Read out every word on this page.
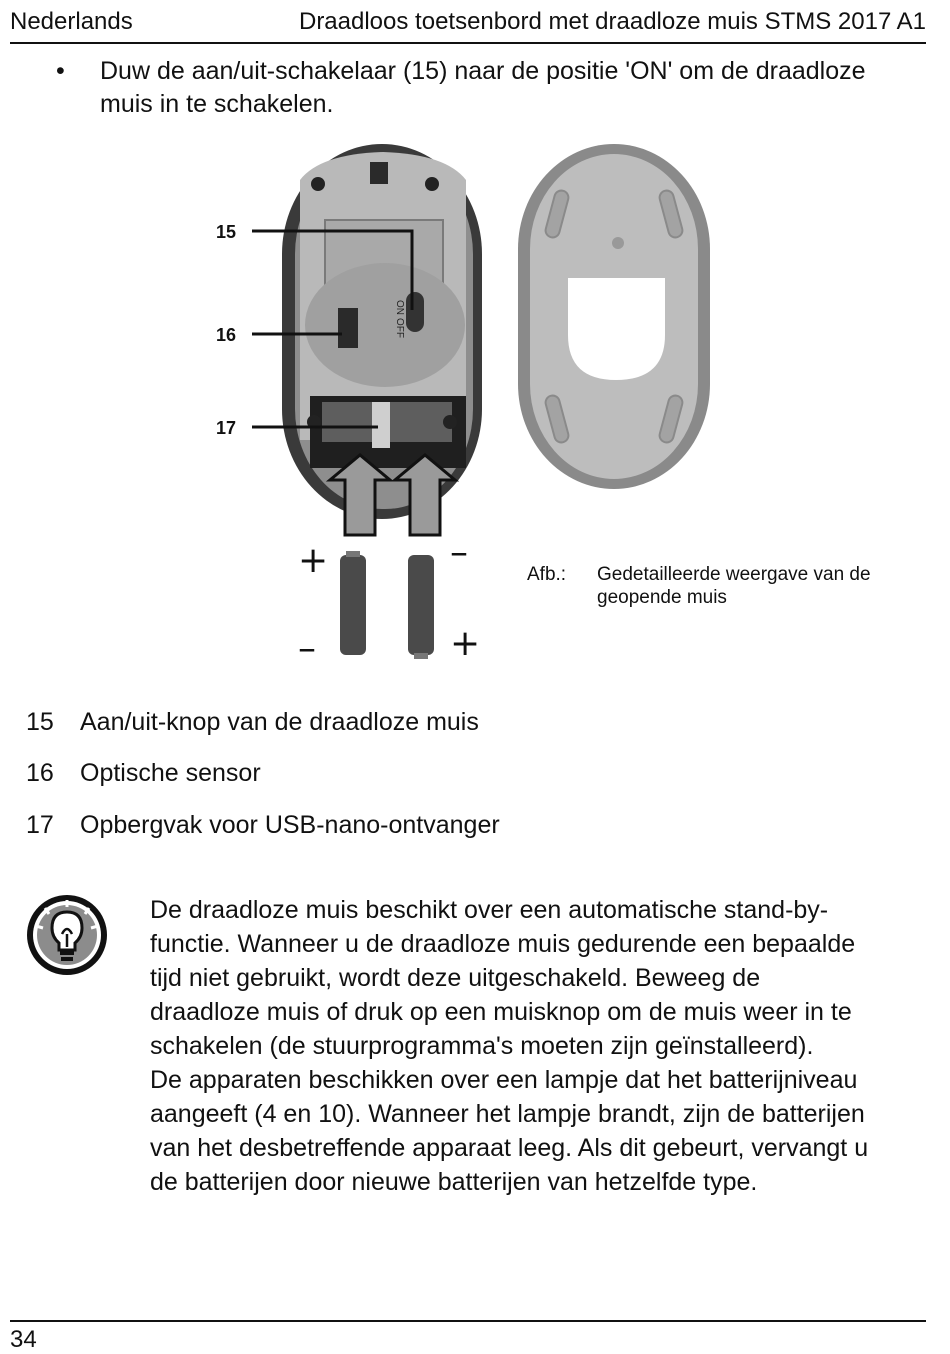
Nederlands	Draadloos toetsenbord met draadloze muis STMS 2017 A1
• Duw de aan/uit-schakelaar (15) naar de positie 'ON' om de draadloze muis in te schakelen.
ON
OFF
15
16
17
+	–
–	+
Afb.: Gedetailleerde weergave van de geopende muis
15 Aan/uit-knop van de draadloze muis
16 Optische sensor
17 Opbergvak voor USB-nano-ontvanger

De draadloze muis beschikt over een automatische stand-by-functie. Wanneer u de draadloze muis gedurende een bepaalde tijd niet gebruikt, wordt deze uitgeschakeld. Beweeg de draadloze muis of druk op een muisknop om de muis weer in te schakelen (de stuurprogramma's moeten zijn geïnstalleerd).

De apparaten beschikken over een lampje dat het batterijniveau aangeeft (4 en 10). Wanneer het lampje brandt, zijn de batterijen van het desbetreffende apparaat leeg. Als dit gebeurt, vervangt u de batterijen door nieuwe batterijen van hetzelfde type.

34
